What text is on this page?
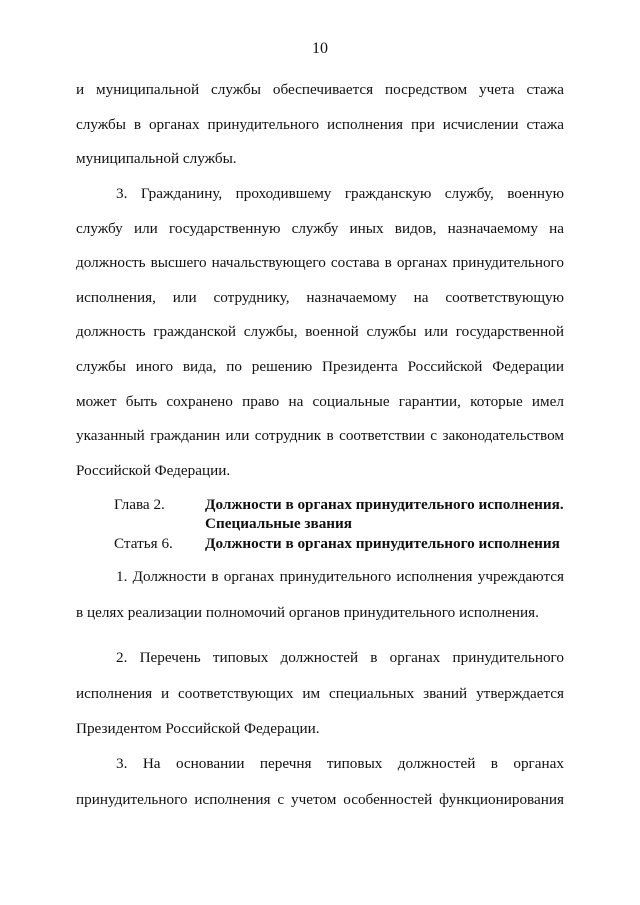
10

и муниципальной службы обеспечивается посредством учета стажа службы в органах принудительного исполнения при исчислении стажа муниципальной службы.

3. Гражданину, проходившему гражданскую службу, военную службу или государственную службу иных видов, назначаемому на должность высшего начальствующего состава в органах принудительного исполнения, или сотруднику, назначаемому на соответствующую должность гражданской службы, военной службы или государственной службы иного вида, по решению Президента Российской Федерации может быть сохранено право на социальные гарантии, которые имел указанный гражданин или сотрудник в соответствии с законодательством Российской Федерации.

Глава 2.	Должности в органах принудительного исполнения. Специальные звания
Статья 6.	Должности в органах принудительного исполнения

1. Должности в органах принудительного исполнения учреждаются в целях реализации полномочий органов принудительного исполнения.

2. Перечень типовых должностей в органах принудительного исполнения и соответствующих им специальных званий утверждается Президентом Российской Федерации.

3. На основании перечня типовых должностей в органах
принудительного исполнения с учетом особенностей функционирования
